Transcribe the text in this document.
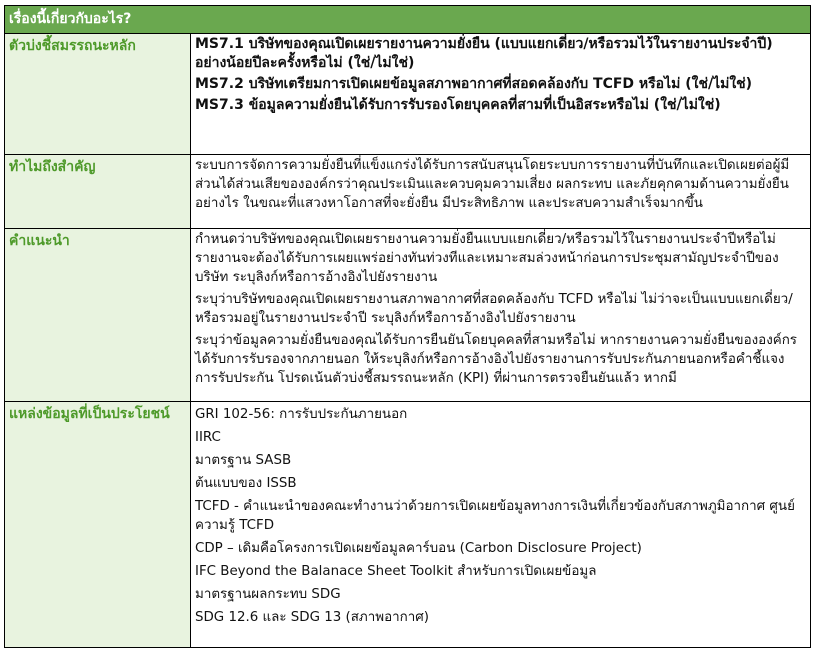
เรื่องนี้เกี่ยวกับอะไร?
ตัวบ่งชี้สมรรถนะหลัก	MS7.1 บริษัทของคุณเปิดเผยรายงานความยั่งยืน (แบบแยกเดี่ยว/หรือรวมไว้ในรายงานประจำปี) อย่างน้อยปีละครั้งหรือไม่ (ใช่/ไม่ใช่)
MS7.2 บริษัทเตรียมการเปิดเผยข้อมูลสภาพอากาศที่สอดคล้องกับ TCFD หรือไม่ (ใช่/ไม่ใช่)
MS7.3 ข้อมูลความยั่งยืนได้รับการรับรองโดยบุคคลที่สามที่เป็นอิสระหรือไม่ (ใช่/ไม่ใช่)
ทำไมถึงสำคัญ	ระบบการจัดการความยั่งยืนที่แข็งแกร่งได้รับการสนับสนุนโดยระบบการรายงานที่บันทึกและเปิดเผยต่อผู้มีส่วนได้ส่วนเสียขององค์กรว่าคุณประเมินและควบคุมความเสี่ยง ผลกระทบ และภัยคุกคามด้านความยั่งยืนอย่างไร ในขณะที่แสวงหาโอกาสที่จะยั่งยืน มีประสิทธิภาพ และประสบความสำเร็จมากขึ้น
คำแนะนำ	กำหนดว่าบริษัทของคุณเปิดเผยรายงานความยั่งยืนแบบแยกเดี่ยว/หรือรวมไว้ในรายงานประจำปีหรือไม่ รายงานจะต้องได้รับการเผยแพร่อย่างทันท่วงทีและเหมาะสมล่วงหน้าก่อนการประชุมสามัญประจำปีของบริษัท ระบุลิงก์หรือการอ้างอิงไปยังรายงาน
ระบุว่าบริษัทของคุณเปิดเผยรายงานสภาพอากาศที่สอดคล้องกับ TCFD หรือไม่ ไม่ว่าจะเป็นแบบแยกเดี่ยว/หรือรวมอยู่ในรายงานประจำปี ระบุลิงก์หรือการอ้างอิงไปยังรายงาน
ระบุว่าข้อมูลความยั่งยืนของคุณได้รับการยืนยันโดยบุคคลที่สามหรือไม่ หากรายงานความยั่งยืนขององค์กรได้รับการรับรองจากภายนอก ให้ระบุลิงก์หรือการอ้างอิงไปยังรายงานการรับประกันภายนอกหรือคำชี้แจงการรับประกัน โปรดเน้นตัวบ่งชี้สมรรถนะหลัก (KPI) ที่ผ่านการตรวจยืนยันแล้ว หากมี
แหล่งข้อมูลที่เป็นประโยชน์	GRI 102-56: การรับประกันภายนอก
IIRC
มาตรฐาน SASB
ต้นแบบของ ISSB
TCFD - คำแนะนำของคณะทำงานว่าด้วยการเปิดเผยข้อมูลทางการเงินที่เกี่ยวข้องกับสภาพภูมิอากาศ ศูนย์ความรู้ TCFD
CDP – เดิมคือโครงการเปิดเผยข้อมูลคาร์บอน (Carbon Disclosure Project)
IFC Beyond the Balanace Sheet Toolkit สำหรับการเปิดเผยข้อมูล
มาตรฐานผลกระทบ SDG
SDG 12.6 และ SDG 13 (สภาพอากาศ)
